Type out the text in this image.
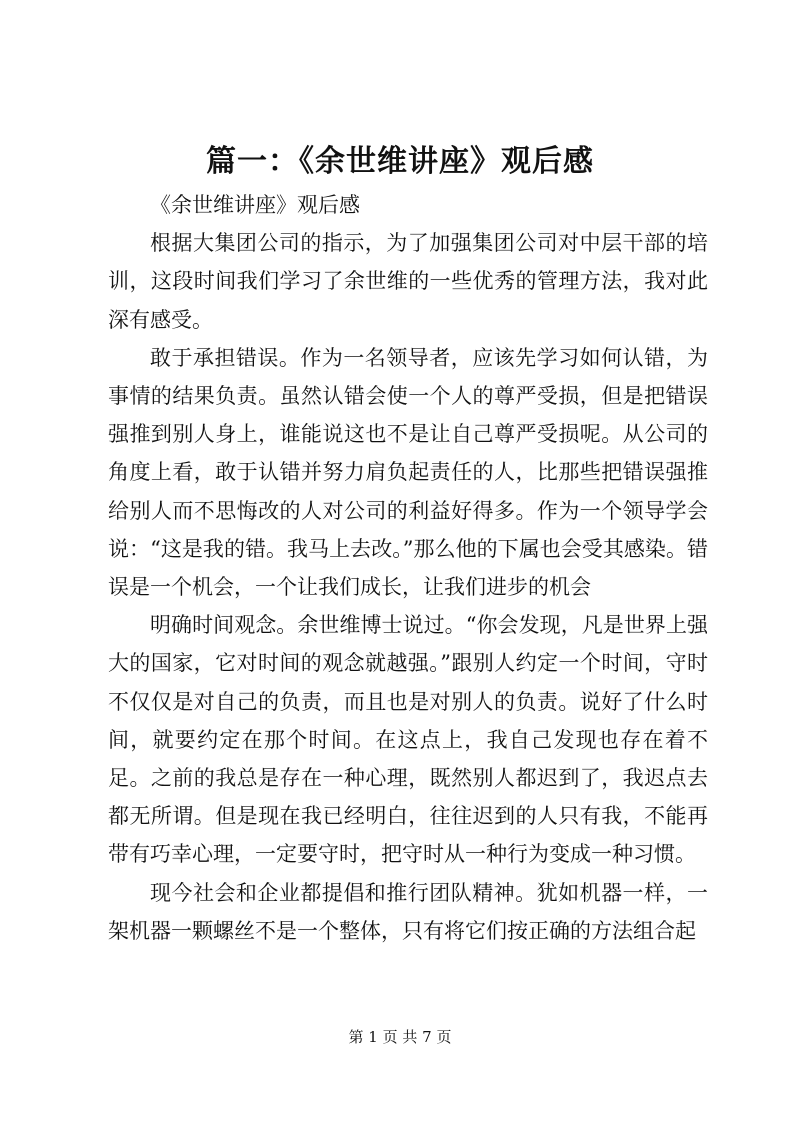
篇一：《余世维讲座》观后感

《余世维讲座》观后感

根据大集团公司的指示，为了加强集团公司对中层干部的培训，这段时间我们学习了余世维的一些优秀的管理方法，我对此深有感受。

敢于承担错误。作为一名领导者，应该先学习如何认错，为事情的结果负责。虽然认错会使一个人的尊严受损，但是把错误强推到别人身上，谁能说这也不是让自己尊严受损呢。从公司的角度上看，敢于认错并努力肩负起责任的人，比那些把错误强推给别人而不思悔改的人对公司的利益好得多。作为一个领导学会说：“这是我的错。我马上去改。”那么他的下属也会受其感染。错误是一个机会，一个让我们成长，让我们进步的机会

明确时间观念。余世维博士说过。“你会发现，凡是世界上强大的国家，它对时间的观念就越强。”跟别人约定一个时间，守时不仅仅是对自己的负责，而且也是对别人的负责。说好了什么时间，就要约定在那个时间。在这点上，我自己发现也存在着不足。之前的我总是存在一种心理，既然别人都迟到了，我迟点去都无所谓。但是现在我已经明白，往往迟到的人只有我，不能再带有巧幸心理，一定要守时，把守时从一种行为变成一种习惯。

现今社会和企业都提倡和推行团队精神。犹如机器一样，一架机器一颗螺丝不是一个整体，只有将它们按正确的方法组合起

第 1 页 共 7 页
